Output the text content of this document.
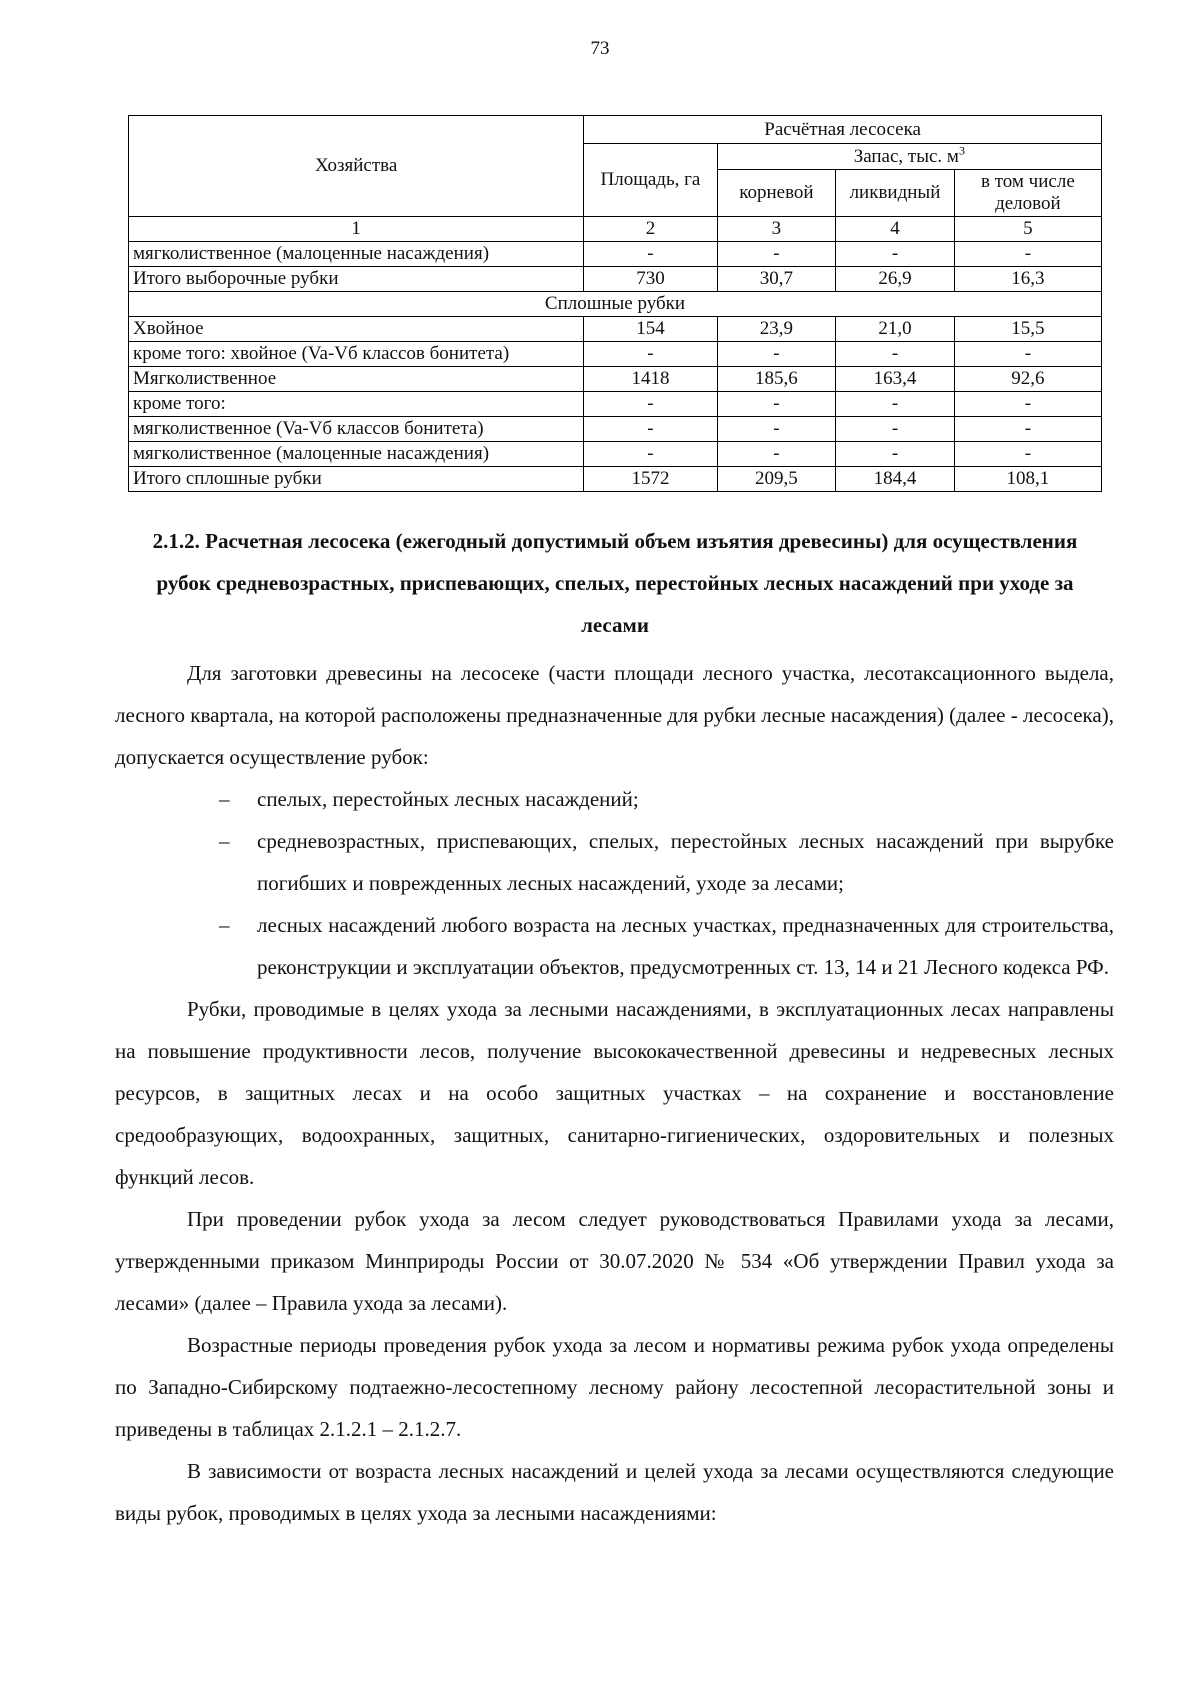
73
Хозяйства	Расчётная лесосека			
	Площадь, га	Запас, тыс. $м^3$
		корневой	ликвидный	в том числе деловой
1	2	3	4	5
мягколиственное (малоценные насаждения)	-	-	-	-
Итого выборочные рубки	730	30,7	26,9	16,3
Сплошные рубки				
Хвойное	154	23,9	21,0	15,5
кроме того: хвойное (Va-Vб классов бонитета)	-	-	-	-
Мягколиственное	1418	185,6	163,4	92,6
кроме того:	-	-	-	-
мягколиственное (Va-Vб классов бонитета)	-	-	-	-
мягколиственное (малоценные насаждения)	-	-	-	-
Итого сплошные рубки	1572	209,5	184,4	108,1
2.1.2. Расчетная лесосека (ежегодный допустимый объем изъятия древесины) для осуществления рубок средневозрастных, приспевающих, спелых, перестойных лесных насаждений при уходе за лесами

Для заготовки древесины на лесосеке (части площади лесного участка, лесотаксационного выдела, лесного квартала, на которой расположены предназначенные для рубки лесные насаждения) (далее - лесосека), допускается осуществление рубок:

– спелых, перестойных лесных насаждений;
– средневозрастных, приспевающих, спелых, перестойных лесных насаждений при вырубке погибших и поврежденных лесных насаждений, уходе за лесами;
– лесных насаждений любого возраста на лесных участках, предназначенных для строительства, реконструкции и эксплуатации объектов, предусмотренных ст. 13, 14 и 21 Лесного кодекса РФ.

Рубки, проводимые в целях ухода за лесными насаждениями, в эксплуатационных лесах направлены на повышение продуктивности лесов, получение высококачественной древесины и недревесных лесных ресурсов, в защитных лесах и на особо защитных участках – на сохранение и восстановление средообразующих, водоохранных, защитных, санитарно-гигиенических, оздоровительных и полезных функций лесов.

При проведении рубок ухода за лесом следует руководствоваться Правилами ухода за лесами, утвержденными приказом Минприроды России от 30.07.2020 № 534 «Об утверждении Правил ухода за лесами» (далее – Правила ухода за лесами).

Возрастные периоды проведения рубок ухода за лесом и нормативы режима рубок ухода определены по Западно-Сибирскому подтаежно-лесостепному лесному району лесостепной лесорастительной зоны и приведены в таблицах 2.1.2.1 – 2.1.2.7.

В зависимости от возраста лесных насаждений и целей ухода за лесами осуществляются следующие виды рубок, проводимых в целях ухода за лесными насаждениями:
